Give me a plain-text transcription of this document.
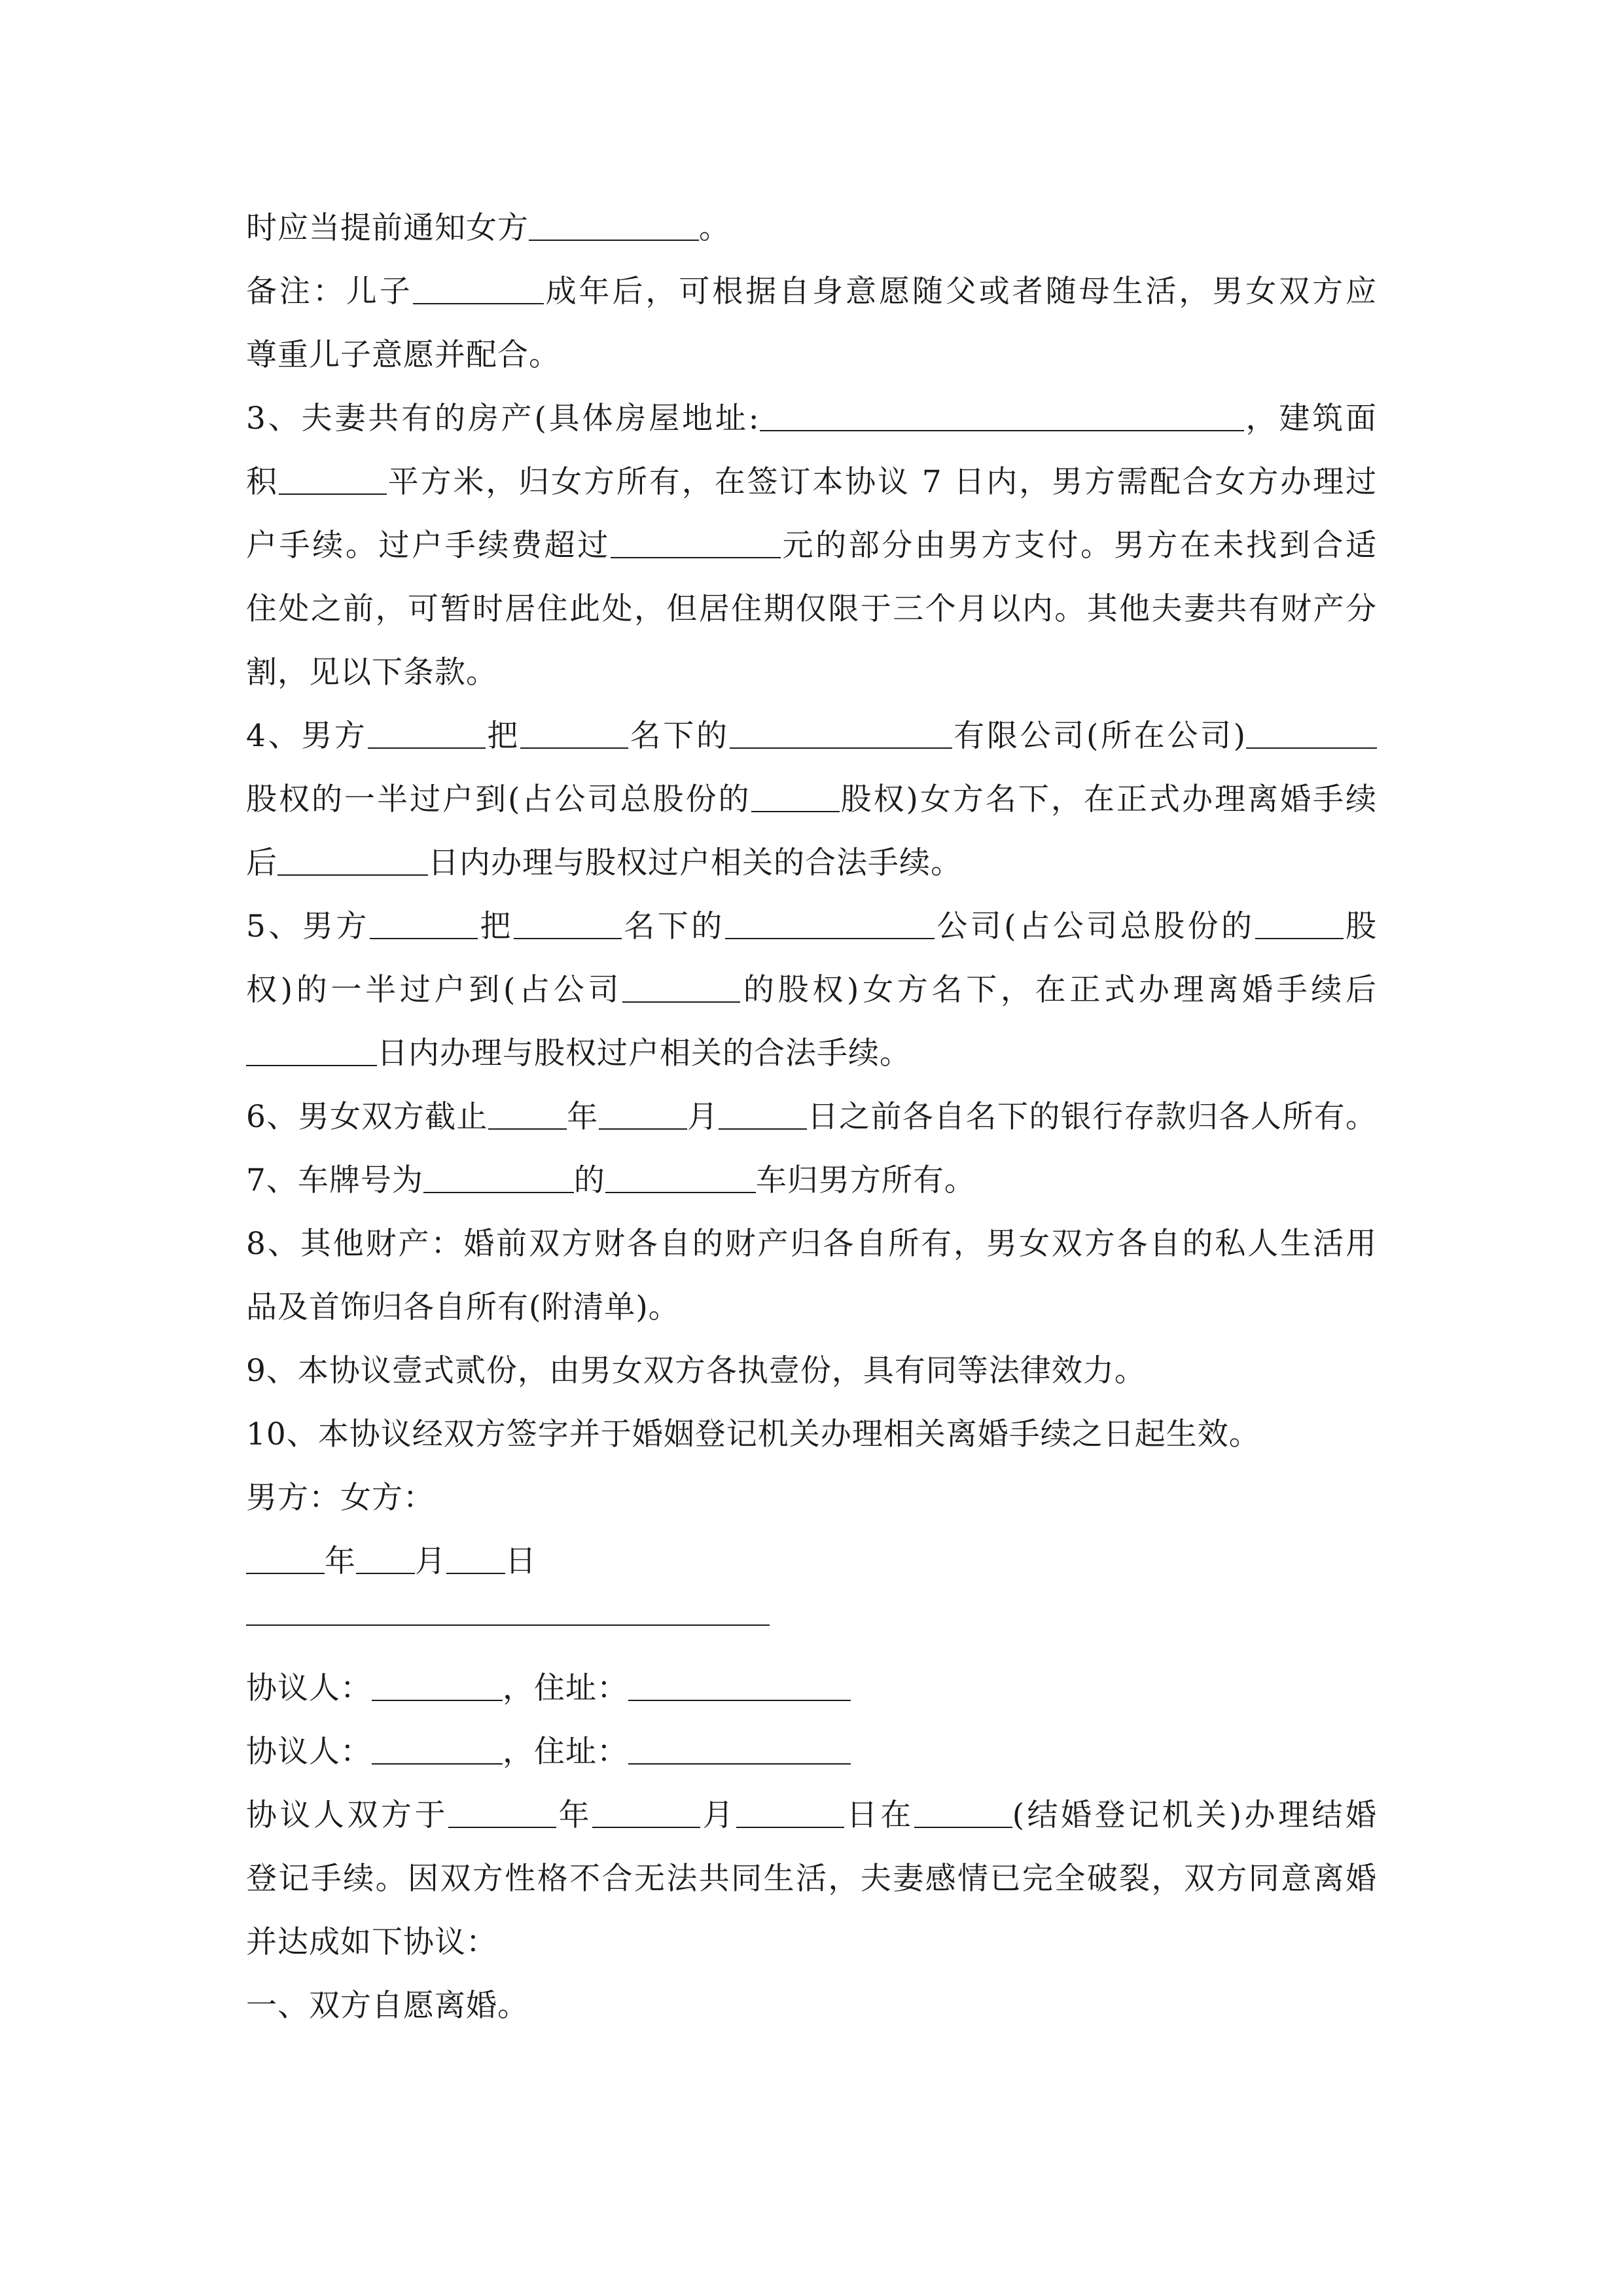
时应当提前通知女方	。
备注：儿子	成年后，可根据自身意愿随父或者随母生活，男女双方应
尊重儿子意愿并配合。
3、夫妻共有的房产(具体房屋地址:	，建筑面
积	平方米，归女方所有，在签订本协议 7 日内，男方需配合女方办理过
户手续。过户手续费超过	元的部分由男方支付。男方在未找到合适
住处之前，可暂时居住此处，但居住期仅限于三个月以内。其他夫妻共有财产分
割，见以下条款。
4、男方	把	名下的	有限公司(所在公司)
股权的一半过户到(占公司总股份的	股权)女方名下，在正式办理离婚手续
后	日内办理与股权过户相关的合法手续。
5、男方	把	名下的	公司(占公司总股份的	股
权)的一半过户到(占公司	的股权)女方名下，在正式办理离婚手续后
日内办理与股权过户相关的合法手续。
6、男女双方截止	年	月	日之前各自名下的银行存款归各人所有。
7、车牌号为	的	车归男方所有。
8、其他财产：婚前双方财各自的财产归各自所有，男女双方各自的私人生活用
品及首饰归各自所有(附清单)。
9、本协议壹式贰份，由男女双方各执壹份，具有同等法律效力。
10、本协议经双方签字并于婚姻登记机关办理相关离婚手续之日起生效。
男方：女方：
年 月 日
协议人：	，住址：
协议人：	，住址：
协议人双方于	年	月	日在	(结婚登记机关)办理结婚
登记手续。因双方性格不合无法共同生活，夫妻感情已完全破裂，双方同意离婚
并达成如下协议：
一、双方自愿离婚。
